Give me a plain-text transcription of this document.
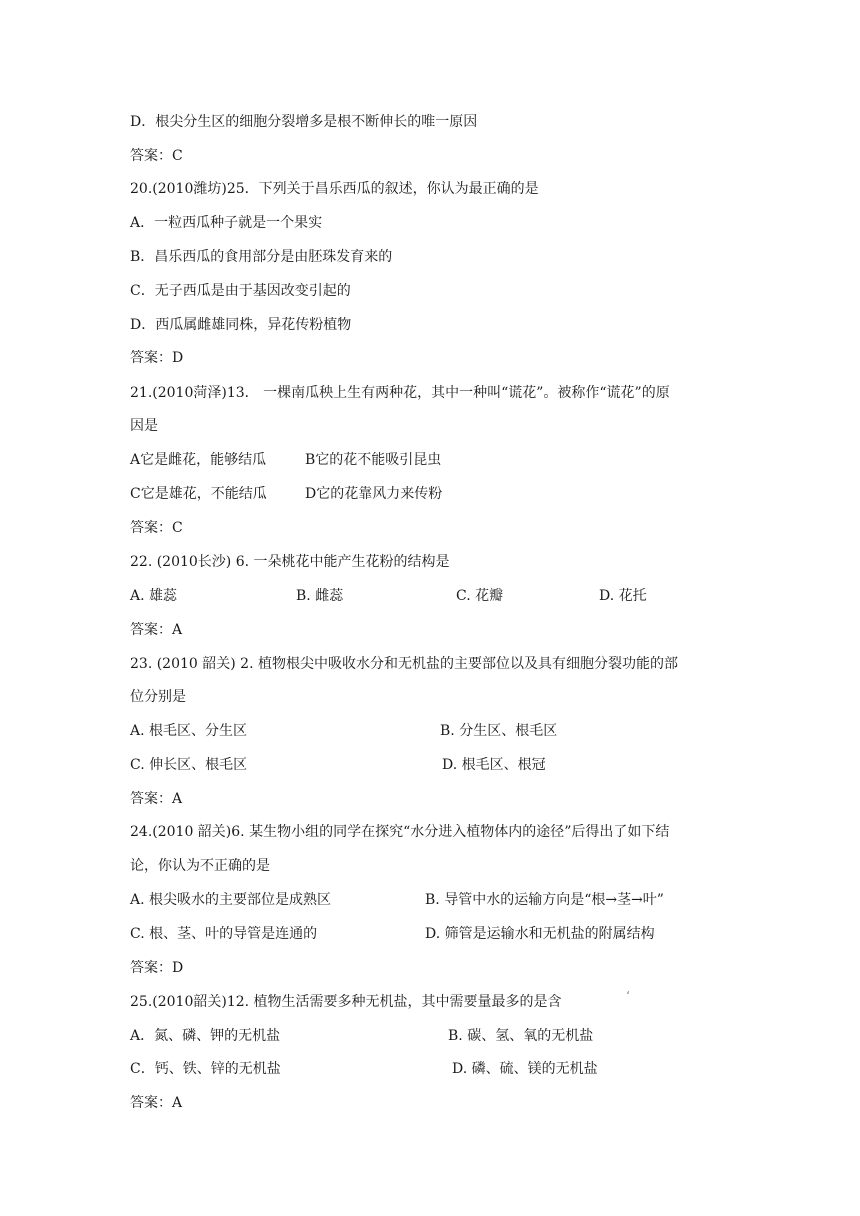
D．根尖分生区的细胞分裂增多是根不断伸长的唯一原因
答案：C
20.(2010潍坊)25．下列关于昌乐西瓜的叙述，你认为最正确的是
A．一粒西瓜种子就是一个果实
B．昌乐西瓜的食用部分是由胚珠发育来的
C．无子西瓜是由于基因改变引起的
D．西瓜属雌雄同株，异花传粉植物
答案：D
21.(2010菏泽)13． 一棵南瓜秧上生有两种花，其中一种叫“谎花”。被称作“谎花”的原
因是
A它是雌花，能够结瓜	B它的花不能吸引昆虫
C它是雄花，不能结瓜	D它的花靠风力来传粉
答案：C
22. (2010长沙) 6. 一朵桃花中能产生花粉的结构是
A. 雄蕊	B. 雌蕊	C. 花瓣	D. 花托
答案：A
23. (2010 韶关) 2. 植物根尖中吸收水分和无机盐的主要部位以及具有细胞分裂功能的部
位分别是
A. 根毛区、分生区	B. 分生区、根毛区
C. 伸长区、根毛区	D. 根毛区、根冠
答案：A
24.(2010 韶关)6. 某生物小组的同学在探究“水分进入植物体内的途径”后得出了如下结
论，你认为不正确的是
A. 根尖吸水的主要部位是成熟区	B. 导管中水的运输方向是“根→茎→叶”
C. 根、茎、叶的导管是连通的	D. 筛管是运输水和无机盐的附属结构
答案：D
25.(2010韶关)12. 植物生活需要多种无机盐，其中需要量最多的是含	‘
A．氮、磷、钾的无机盐	B. 碳、氢、氧的无机盐
C．钙、铁、锌的无机盐	D. 磷、硫、镁的无机盐
答案：A
